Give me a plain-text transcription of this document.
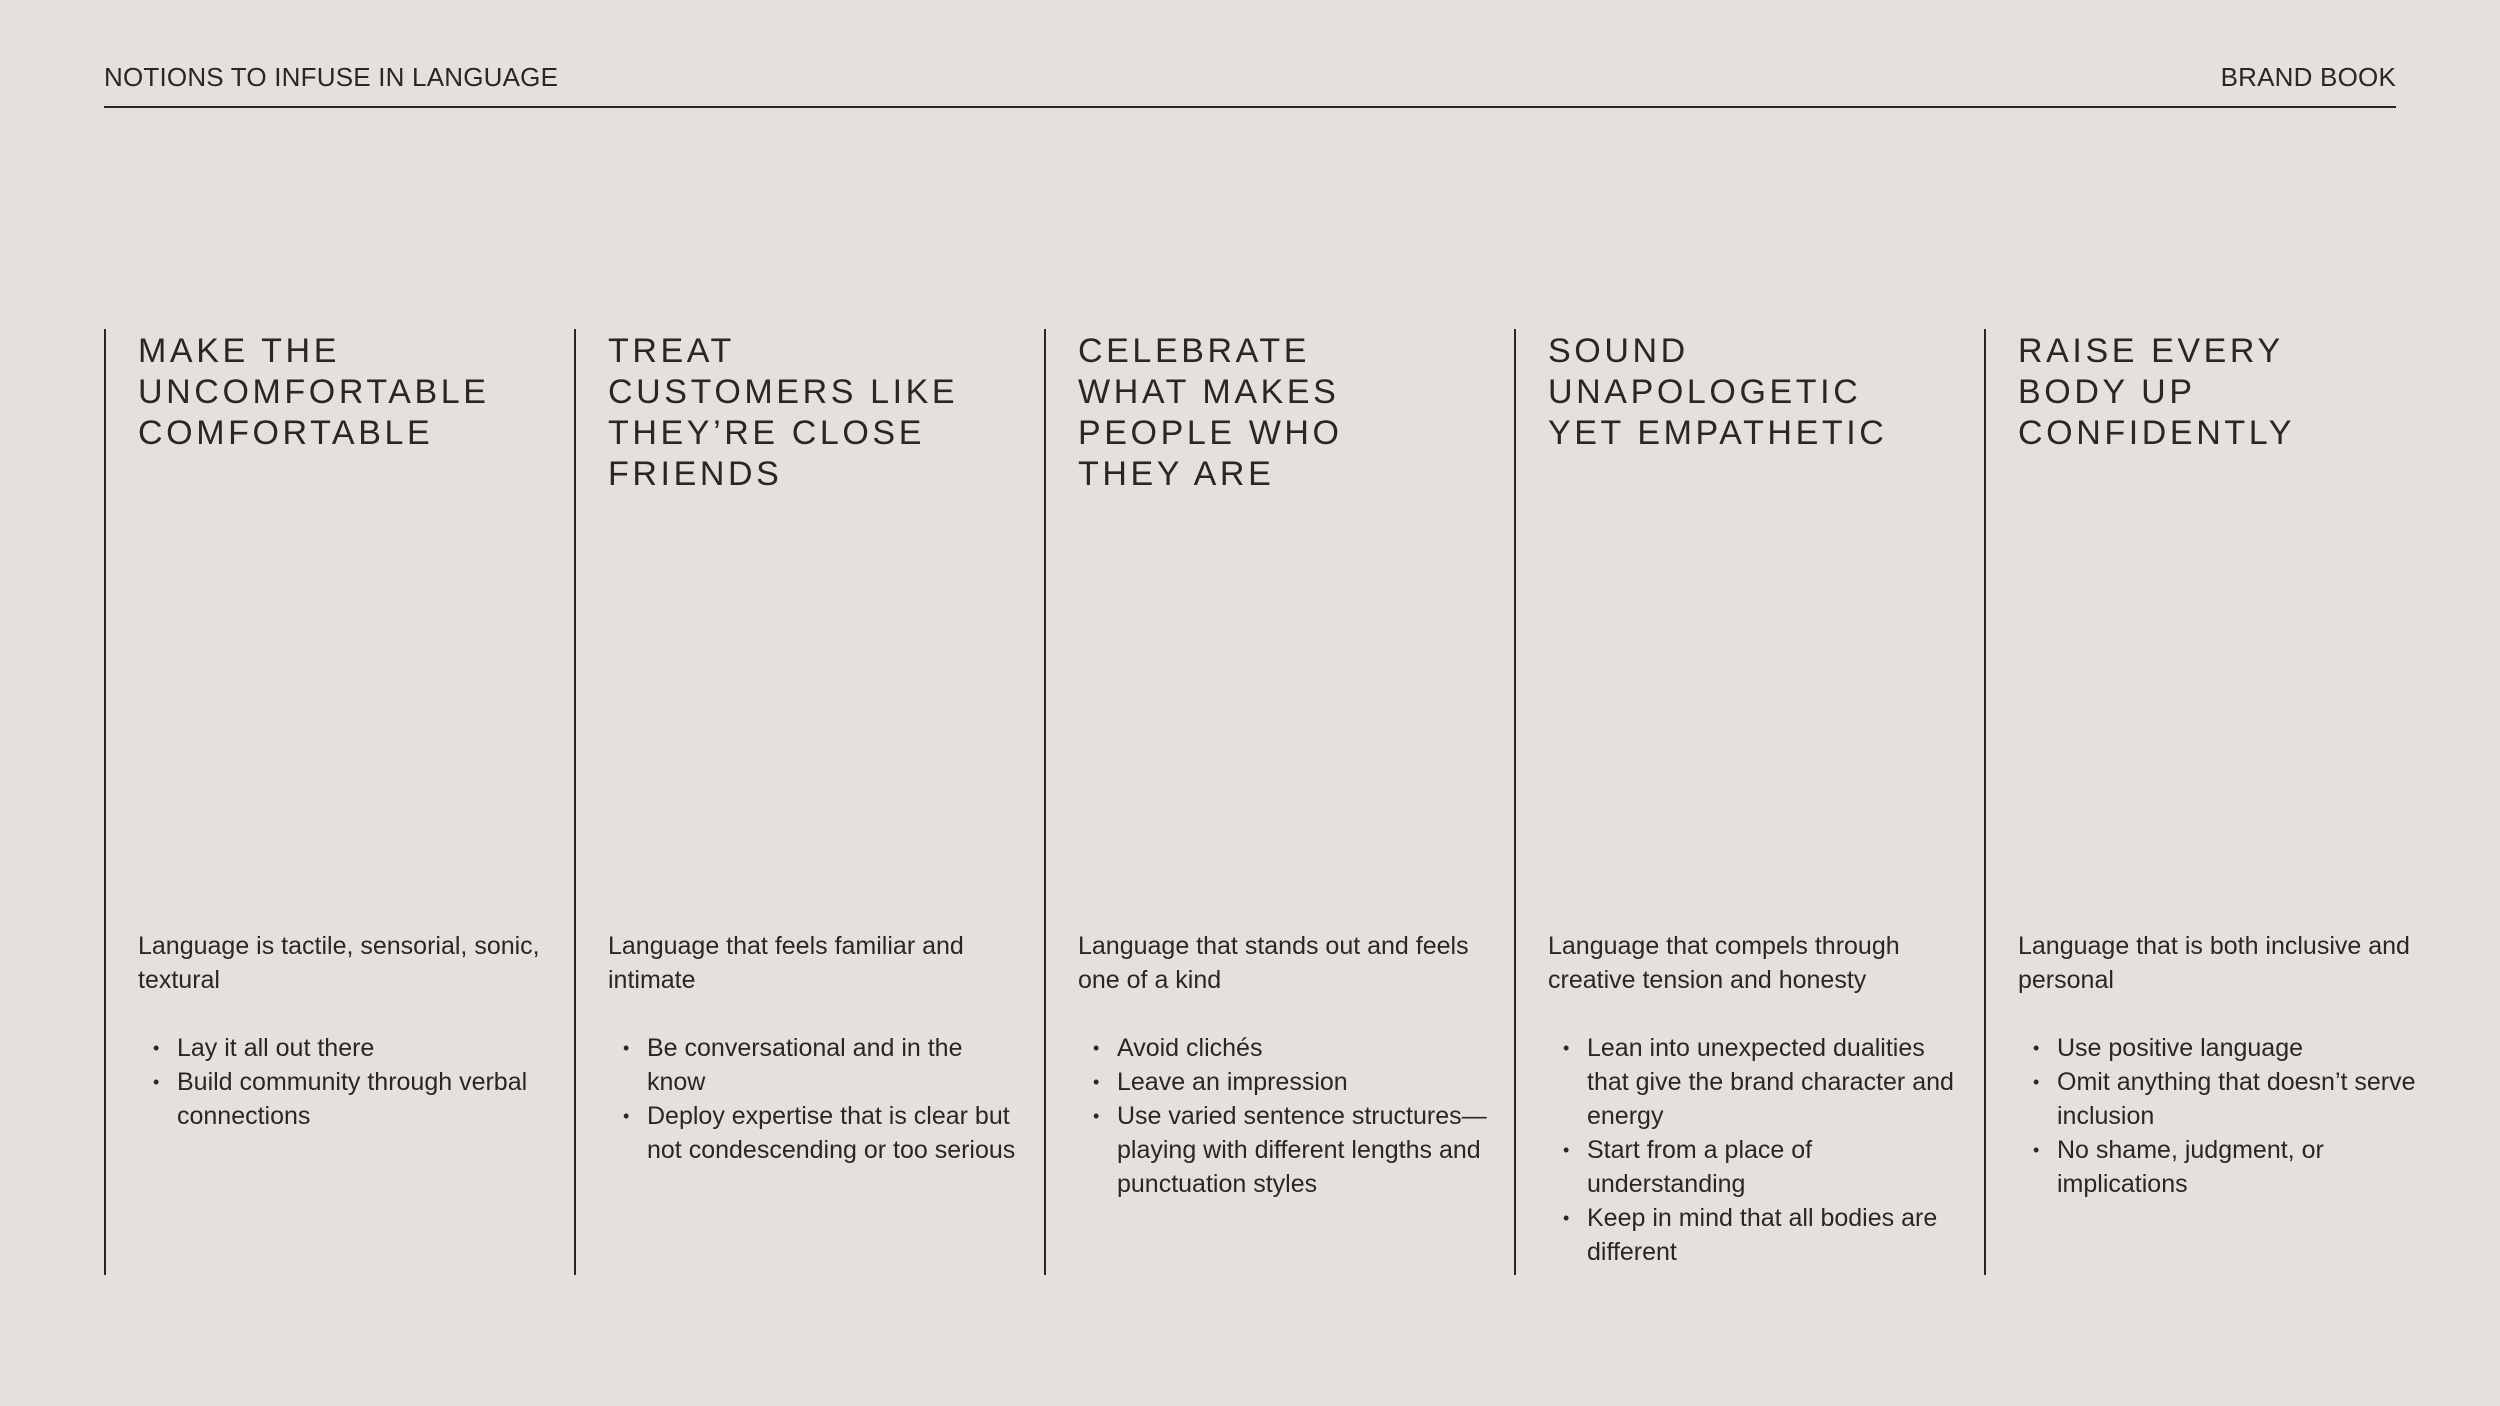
NOTIONS TO INFUSE IN LANGUAGE	BRAND BOOK
MAKE THE
UNCOMFORTABLE
COMFORTABLE

Language is tactile, sensorial, sonic, textural

• Lay it all out there
• Build community through verbal connections
TREAT
CUSTOMERS LIKE
THEY’RE CLOSE
FRIENDS

Language that feels familiar and intimate

• Be conversational and in the know
• Deploy expertise that is clear but not condescending or too serious
CELEBRATE
WHAT MAKES
PEOPLE WHO
THEY ARE

Language that stands out and feels one of a kind

• Avoid clichés
• Leave an impression
• Use varied sentence structures—playing with different lengths and punctuation styles
SOUND
UNAPOLOGETIC
YET EMPATHETIC

Language that compels through creative tension and honesty

• Lean into unexpected dualities that give the brand character and energy
• Start from a place of understanding
• Keep in mind that all bodies are different
RAISE EVERY
BODY UP
CONFIDENTLY

Language that is both inclusive and personal

• Use positive language
• Omit anything that doesn’t serve inclusion
• No shame, judgment, or implications
